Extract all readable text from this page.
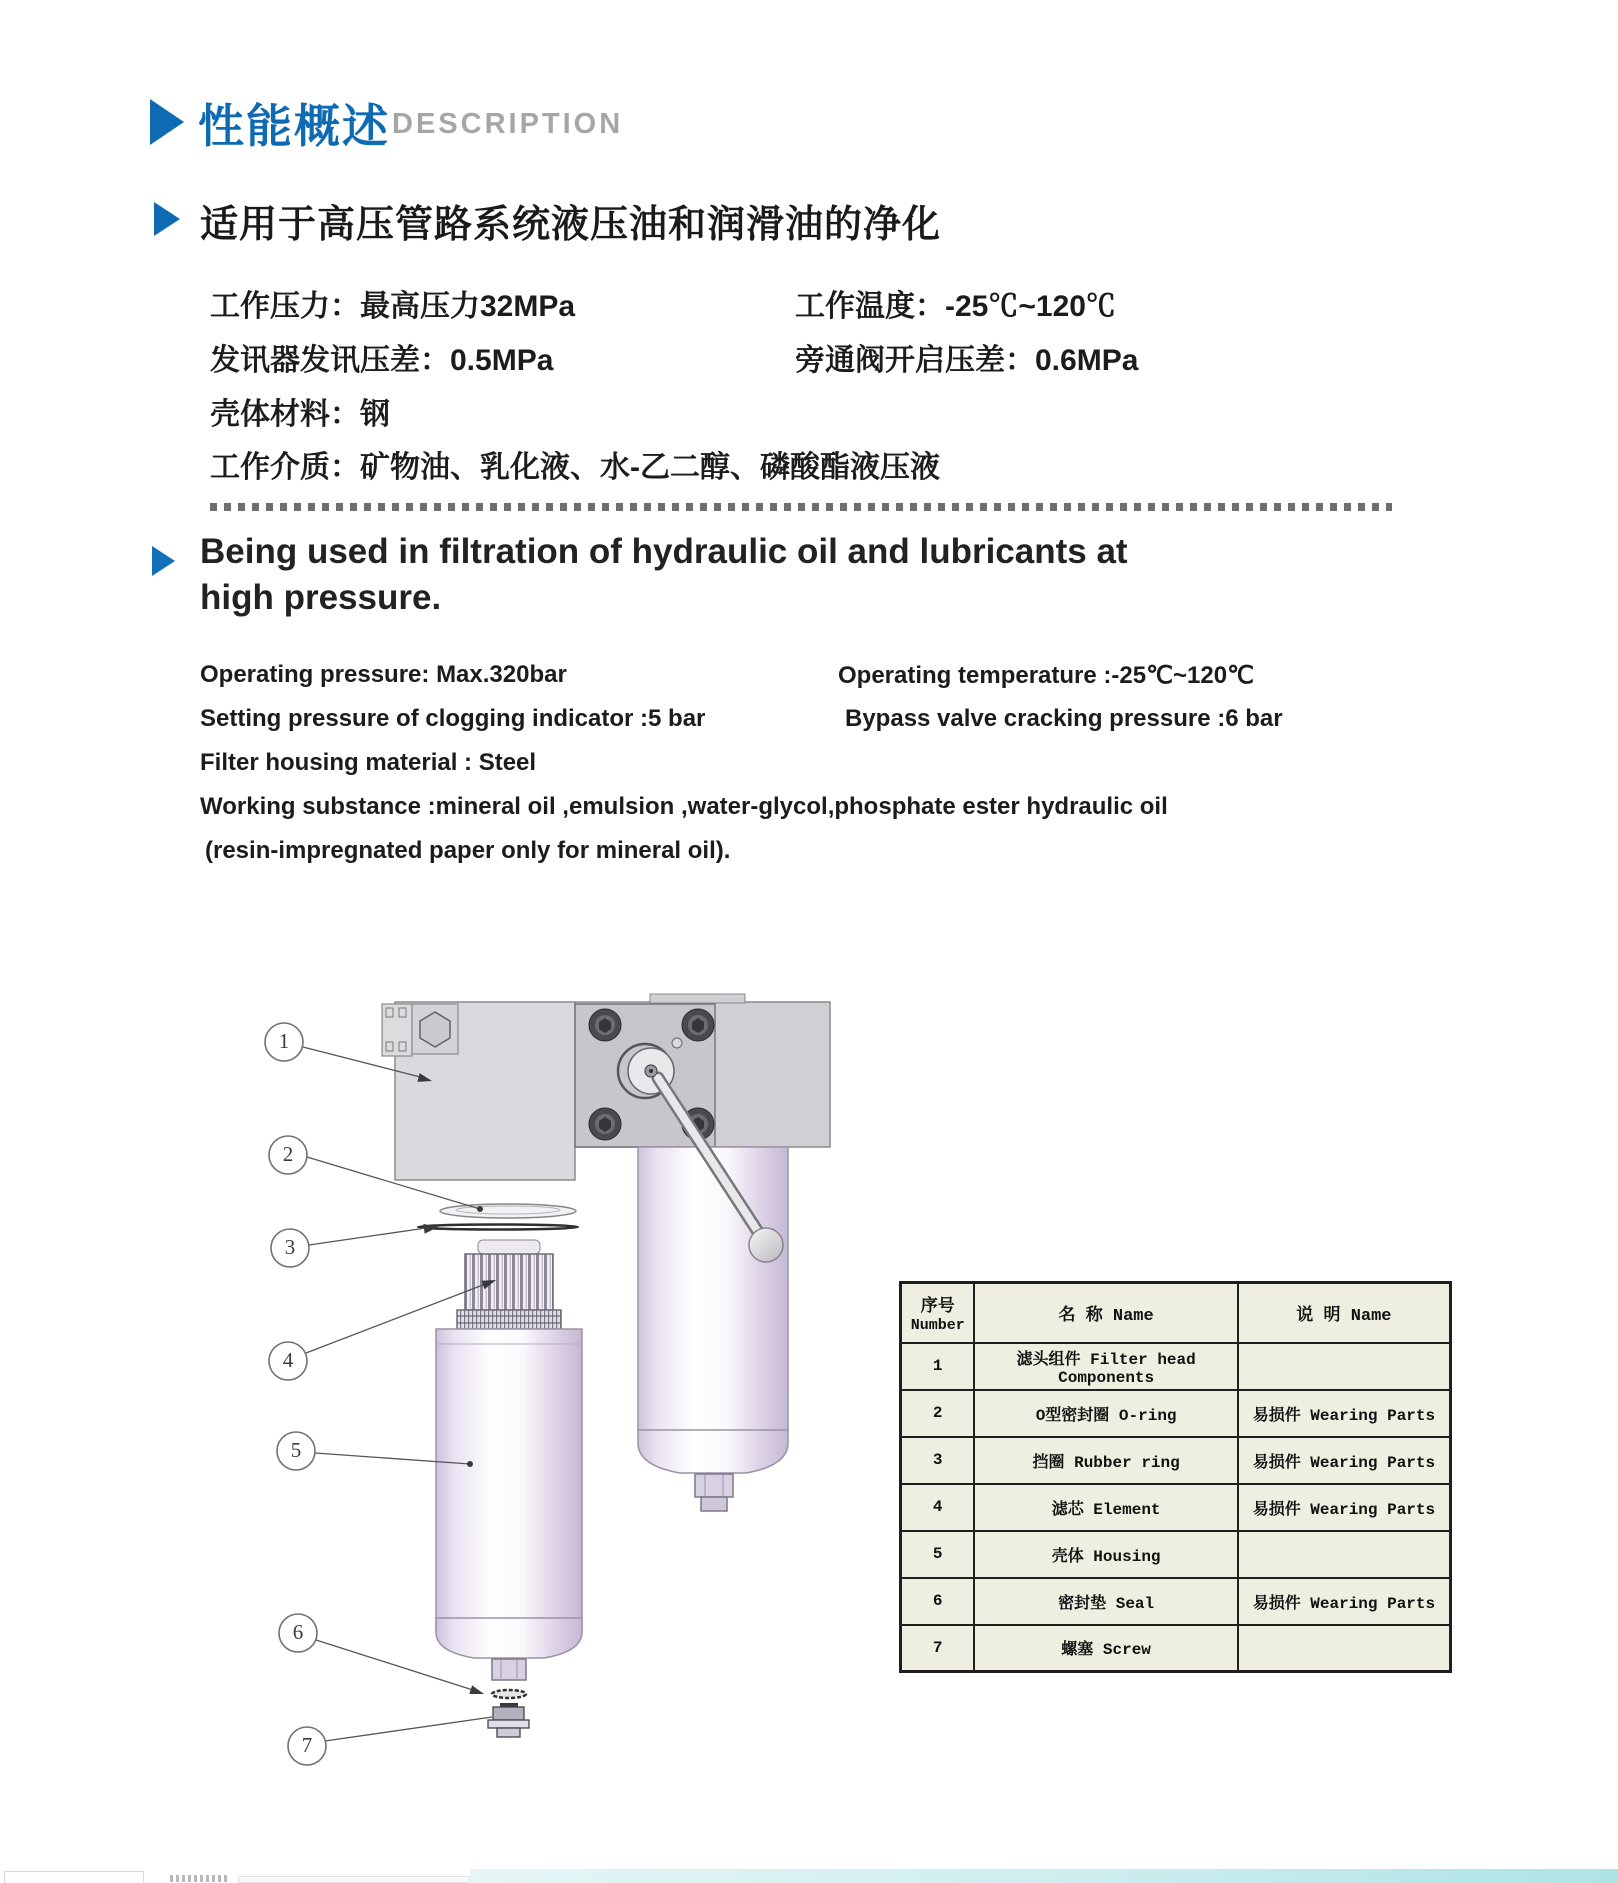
性能概述 DESCRIPTION
适用于高压管路系统液压油和润滑油的净化
工作压力：最高压力32MPa	工作温度：-25℃~120℃
发讯器发讯压差：0.5MPa	旁通阀开启压差：0.6MPa
壳体材料：钢
工作介质：矿物油、乳化液、水-乙二醇、磷酸酯液压液
Being used in filtration of hydraulic oil and lubricants at
high pressure.
Operating pressure: Max.320bar	Operating temperature :-25℃~120℃
Setting pressure of clogging indicator :5 bar	Bypass valve cracking pressure :6 bar
Filter housing material : Steel
Working substance :mineral oil ,emulsion ,water-glycol,phosphate ester hydraulic oil
(resin-impregnated paper only for mineral oil).
1
2
3
4
5
6
7
序号
Number	名 称 Name	说 明 Name
1	滤头组件 Filter head Components	
2	O型密封圈 O-ring	易损件 Wearing Parts
3	挡圈 Rubber ring	易损件 Wearing Parts
4	滤芯 Element	易损件 Wearing Parts
5	壳体 Housing	
6	密封垫 Seal	易损件 Wearing Parts
7	螺塞 Screw	
